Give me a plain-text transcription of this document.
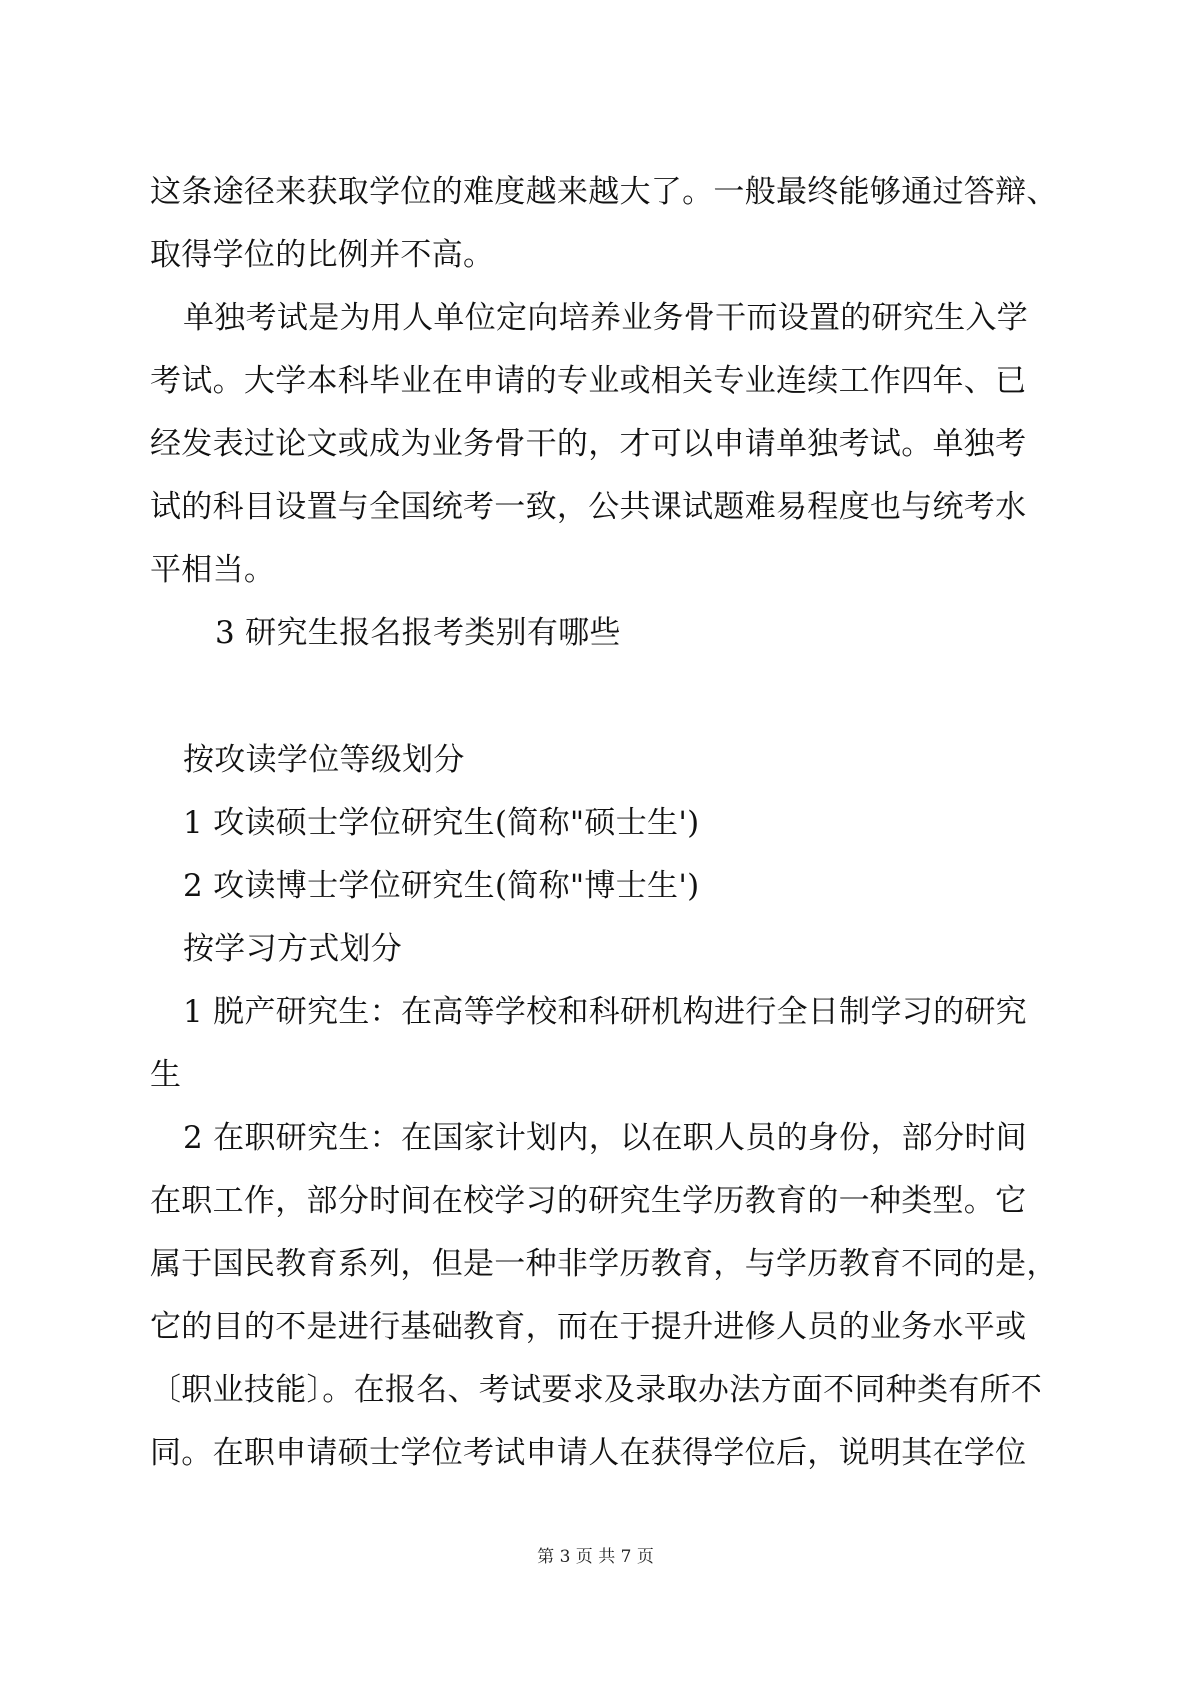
这条途径来获取学位的难度越来越大了。一般最终能够通过答辩、
取得学位的比例并不高。
单独考试是为用人单位定向培养业务骨干而设置的研究生入学
考试。大学本科毕业在申请的专业或相关专业连续工作四年、已
经发表过论文或成为业务骨干的，才可以申请单独考试。单独考
试的科目设置与全国统考一致，公共课试题难易程度也与统考水
平相当。
3 研究生报名报考类别有哪些
按攻读学位等级划分
1 攻读硕士学位研究生(简称"硕士生')
2 攻读博士学位研究生(简称"博士生')
按学习方式划分
1 脱产研究生：在高等学校和科研机构进行全日制学习的研究
生
2 在职研究生：在国家计划内，以在职人员的身份，部分时间
在职工作，部分时间在校学习的研究生学历教育的一种类型。它
属于国民教育系列，但是一种非学历教育，与学历教育不同的是，
它的目的不是进行基础教育，而在于提升进修人员的业务水平或
〔职业技能〕。在报名、考试要求及录取办法方面不同种类有所不
同。在职申请硕士学位考试申请人在获得学位后，说明其在学位
第 3 页 共 7 页
